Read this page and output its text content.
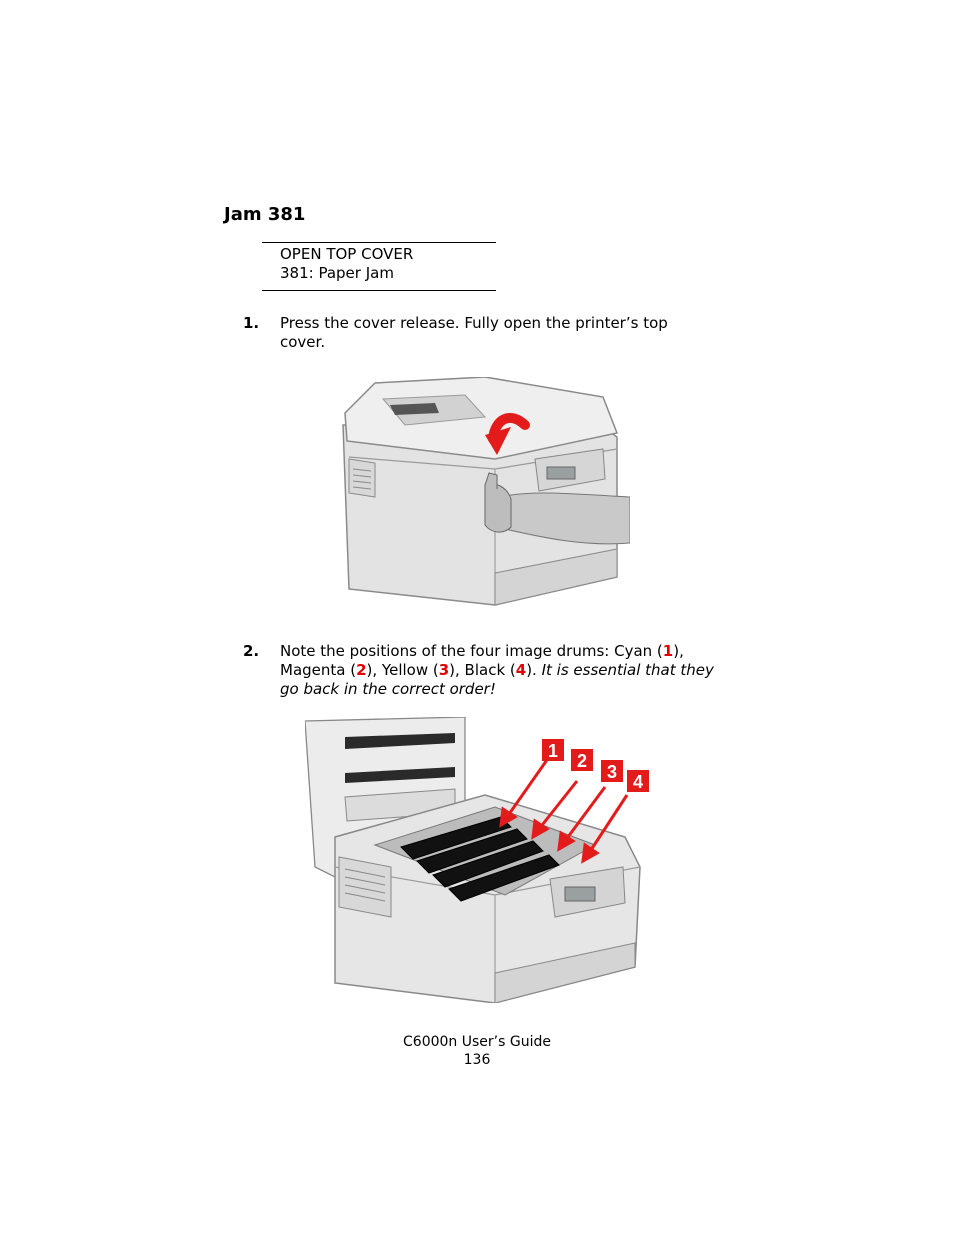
Jam 381
OPEN TOP COVER
381: Paper Jam
1. Press the cover release. Fully open the printer’s top cover.
2. Note the positions of the four image drums: Cyan (1), Magenta (2), Yellow (3), Black (4). It is essential that they go back in the correct order!
1 2
3 4
C6000n User’s Guide
136
